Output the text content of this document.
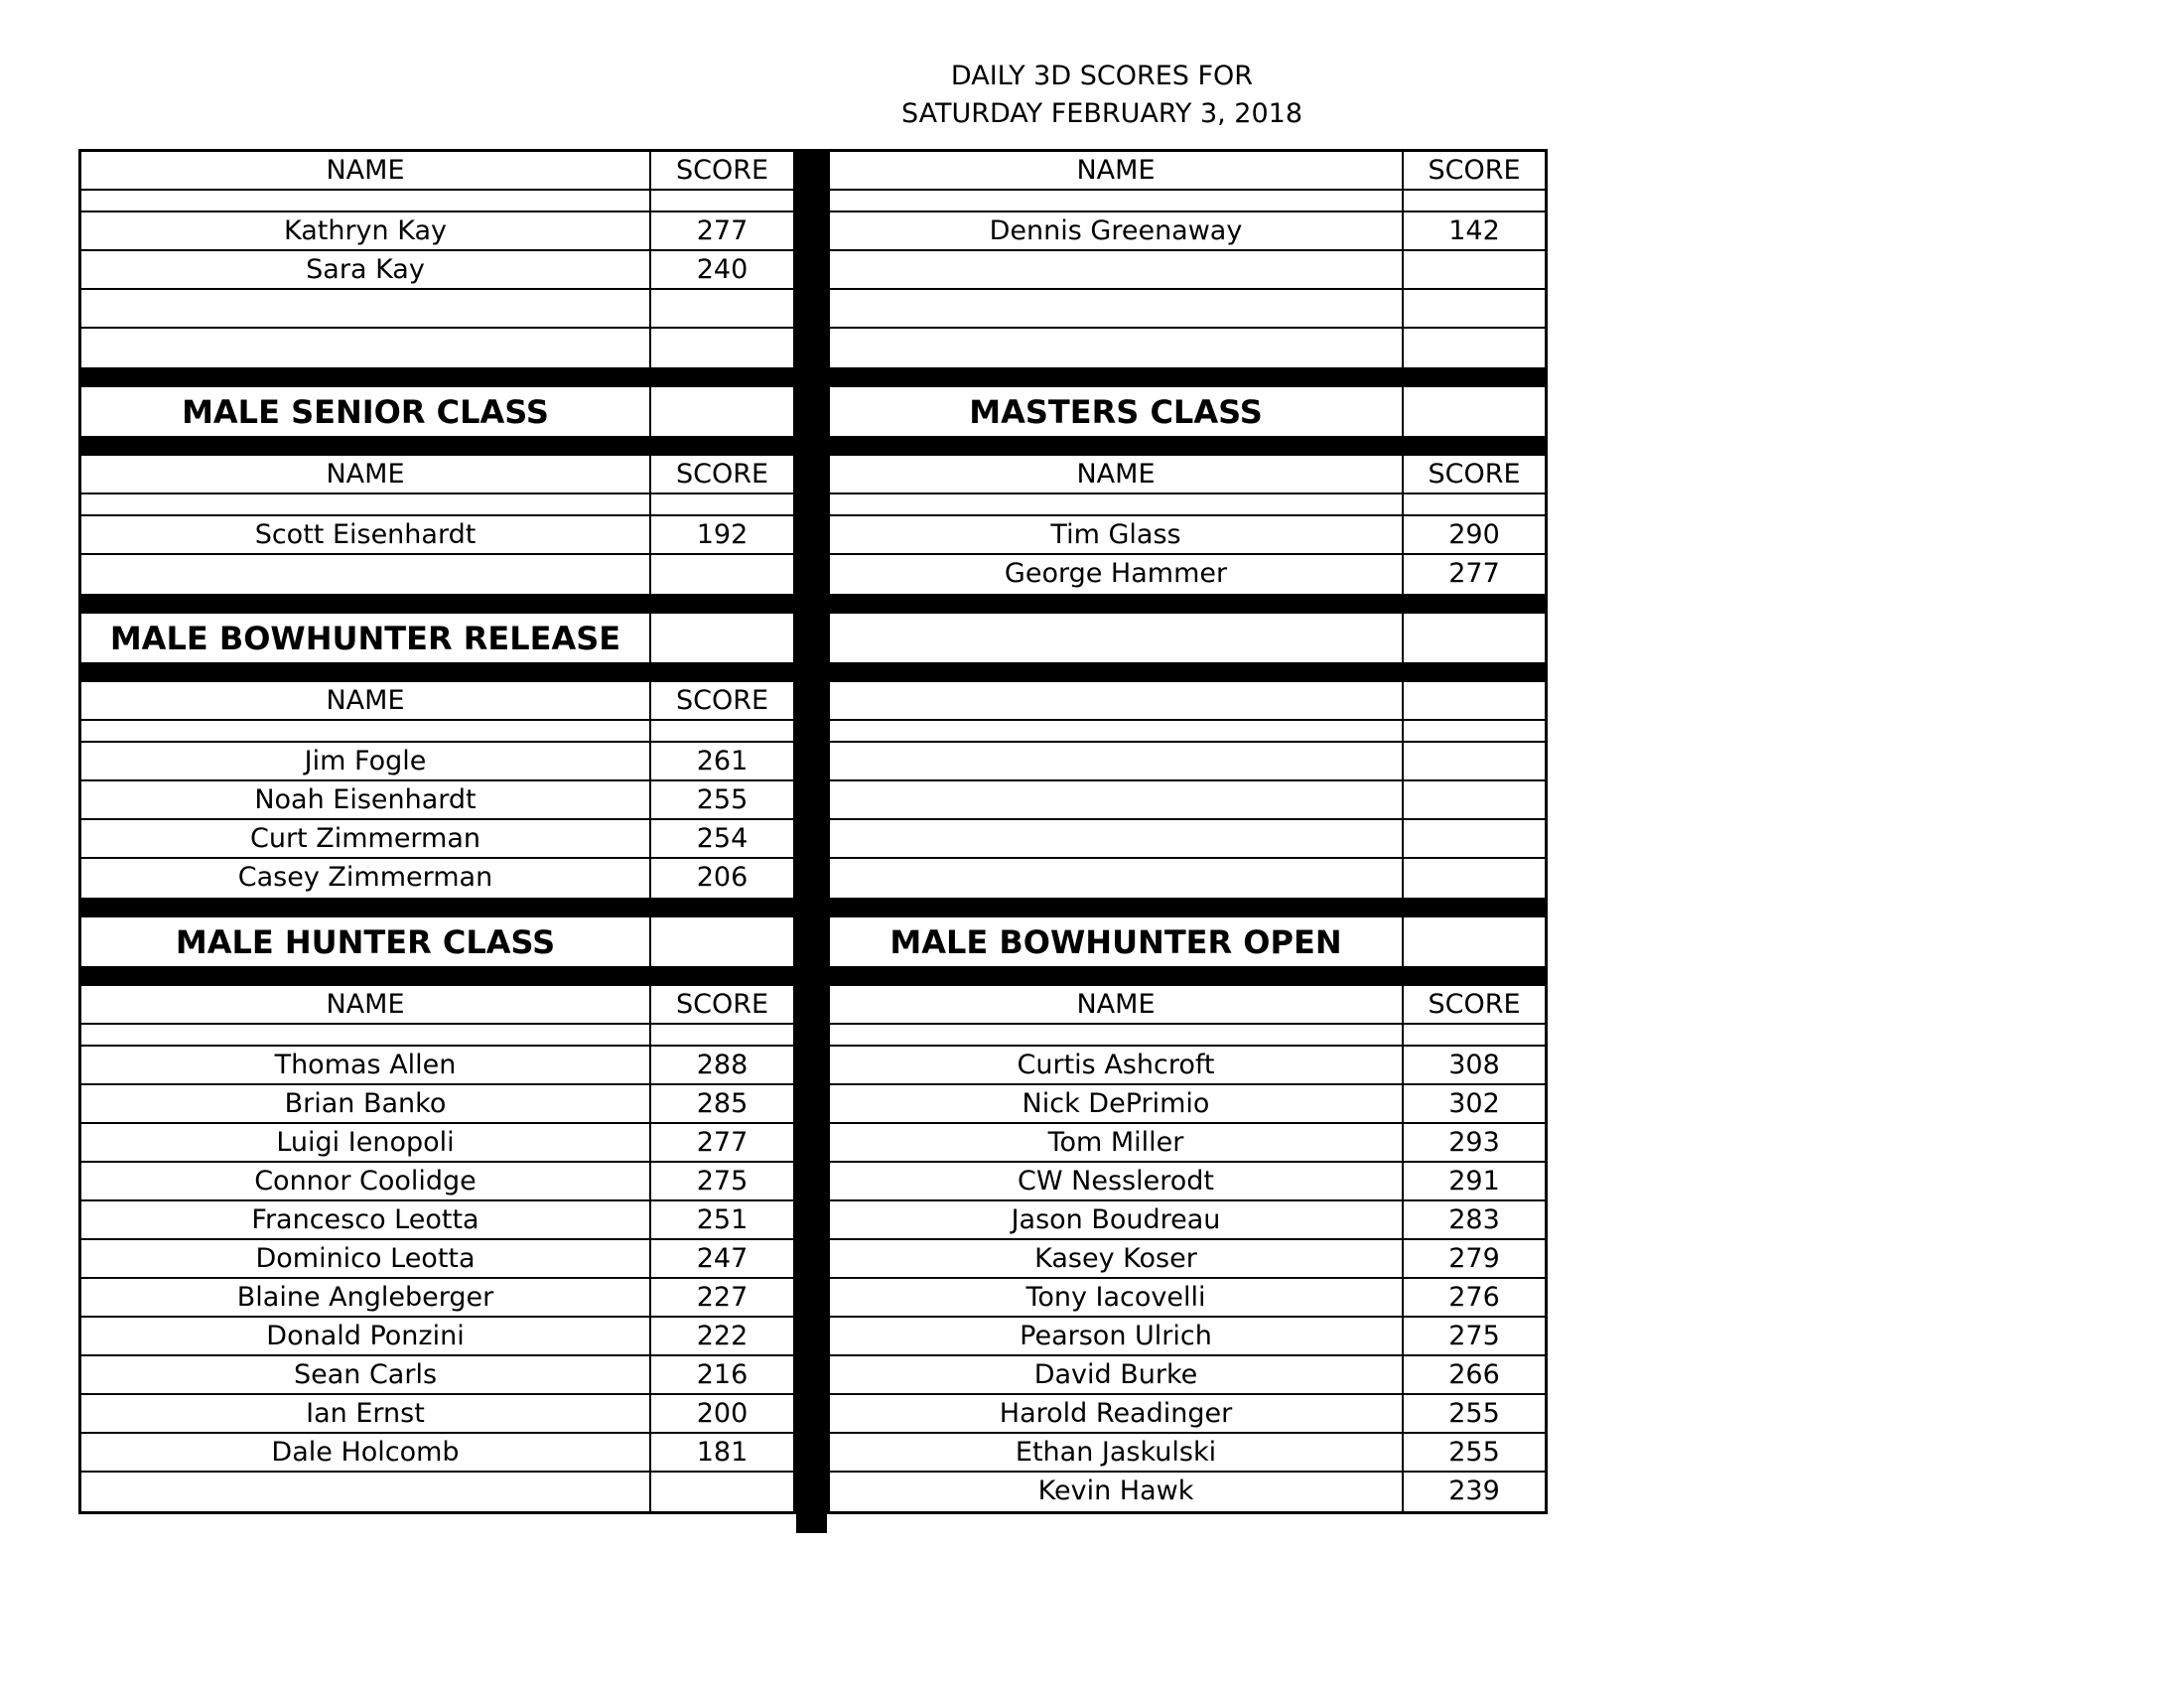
DAILY 3D SCORES FOR
SATURDAY FEBRUARY 3, 2018
NAME	SCORE
Kathryn Kay	277
Sara Kay	240
MALE SENIOR CLASS
NAME	SCORE
Scott Eisenhardt	192
MALE BOWHUNTER RELEASE
NAME	SCORE
Jim Fogle	261
Noah Eisenhardt	255
Curt Zimmerman	254
Casey Zimmerman	206
MALE HUNTER CLASS
NAME	SCORE
Thomas Allen	288
Brian Banko	285
Luigi Ienopoli	277
Connor Coolidge	275
Francesco Leotta	251
Dominico Leotta	247
Blaine Angleberger	227
Donald Ponzini	222
Sean Carls	216
Ian Ernst	200
Dale Holcomb	181
NAME	SCORE
Dennis Greenaway	142
MASTERS CLASS
NAME	SCORE
Tim Glass	290
George Hammer	277
MALE BOWHUNTER OPEN
NAME	SCORE
Curtis Ashcroft	308
Nick DePrimio	302
Tom Miller	293
CW Nesslerodt	291
Jason Boudreau	283
Kasey Koser	279
Tony Iacovelli	276
Pearson Ulrich	275
David Burke	266
Harold Readinger	255
Ethan Jaskulski	255
Kevin Hawk	239
